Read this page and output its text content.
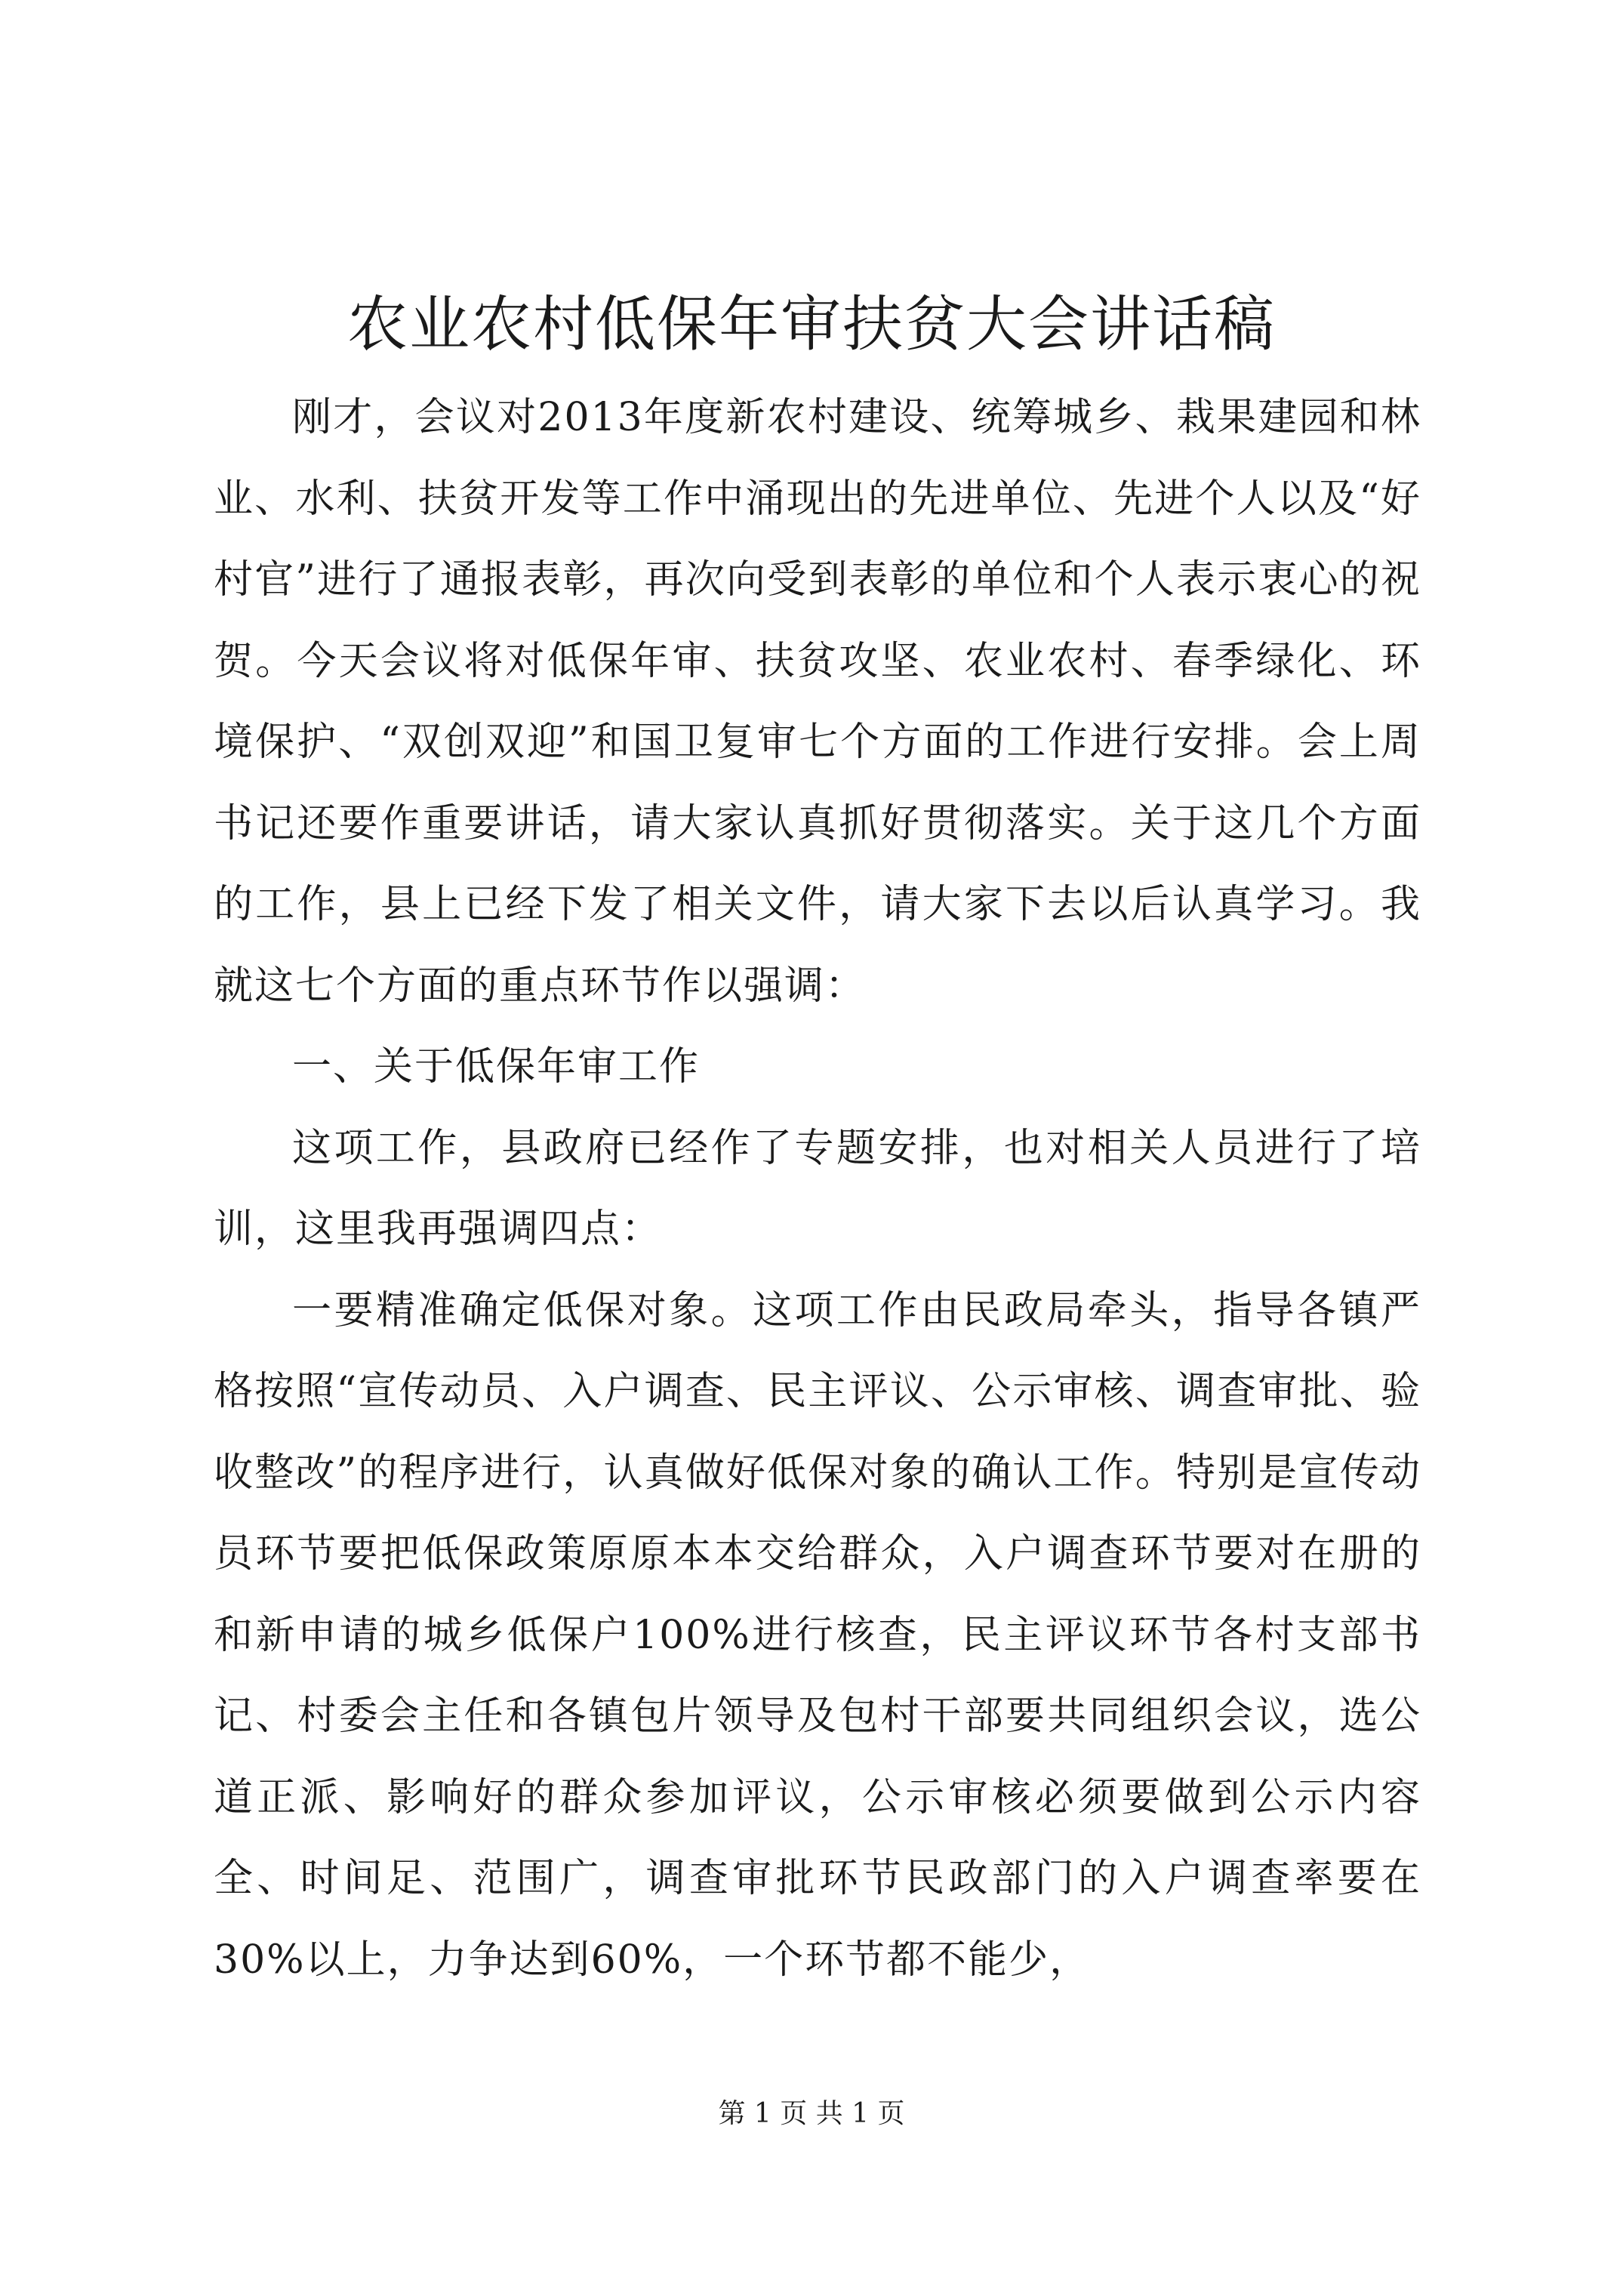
农业农村低保年审扶贫大会讲话稿

刚才，会议对2013年度新农村建设、统筹城乡、栽果建园和林业、水利、扶贫开发等工作中涌现出的先进单位、先进个人以及“好村官”进行了通报表彰，再次向受到表彰的单位和个人表示衷心的祝贺。今天会议将对低保年审、扶贫攻坚、农业农村、春季绿化、环境保护、“双创双迎”和国卫复审七个方面的工作进行安排。会上周书记还要作重要讲话，请大家认真抓好贯彻落实。关于这几个方面的工作，县上已经下发了相关文件，请大家下去以后认真学习。我就这七个方面的重点环节作以强调：

一、关于低保年审工作

这项工作，县政府已经作了专题安排，也对相关人员进行了培训，这里我再强调四点：

一要精准确定低保对象。这项工作由民政局牵头，指导各镇严格按照“宣传动员、入户调查、民主评议、公示审核、调查审批、验收整改”的程序进行，认真做好低保对象的确认工作。特别是宣传动员环节要把低保政策原原本本交给群众，入户调查环节要对在册的和新申请的城乡低保户100%进行核查，民主评议环节各村支部书记、村委会主任和各镇包片领导及包村干部要共同组织会议，选公道正派、影响好的群众参加评议，公示审核必须要做到公示内容全、时间足、范围广，调查审批环节民政部门的入户调查率要在30%以上，力争达到60%，一个环节都不能少，

第 1 页 共 1 页
